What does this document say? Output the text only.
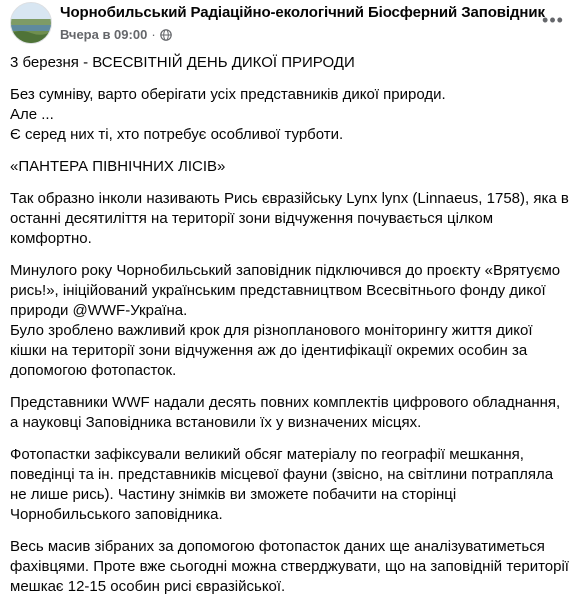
Чорнобильський Радіаційно-екологічний Біосферний Заповідник
Вчера в 09:00 ·
•••

3 березня - ВСЕСВІТНІЙ ДЕНЬ ДИКОЇ ПРИРОДИ

Без сумніву, варто оберігати усіх представників дикої природи.
Але ...
Є серед них ті, хто потребує особливої турботи.

«ПАНТЕРА ПІВНІЧНИХ ЛІСІВ»

Так образно інколи називають Рись євразійську Lynx lynx (Linnaeus, 1758), яка в останні десятиліття на території зони відчуження почувається цілком комфортно.

Минулого року Чорнобильський заповідник підключився до проєкту «Врятуємо рись!», ініційований українським представництвом Всесвітнього фонду дикої природи @WWF-Україна.
Було зроблено важливий крок для різнопланового моніторингу життя дикої кішки на території зони відчуження аж до ідентифікації окремих особин за допомогою фотопасток.

Представники WWF надали десять повних комплектів цифрового обладнання, а науковці Заповідника встановили їх у визначених місцях.

Фотопастки зафіксували великий обсяг матеріалу по географії мешкання, поведінці та ін. представників місцевої фауни (звісно, на світлини потрапляла не лише рись). Частину знімків ви зможете побачити на сторінці Чорнобильського заповідника.

Весь масив зібраних за допомогою фотопасток даних ще аналізуватиметься фахівцями. Проте вже сьогодні можна стверджувати, що на заповідній території мешкає 12-15 особин рисі євразійської.
